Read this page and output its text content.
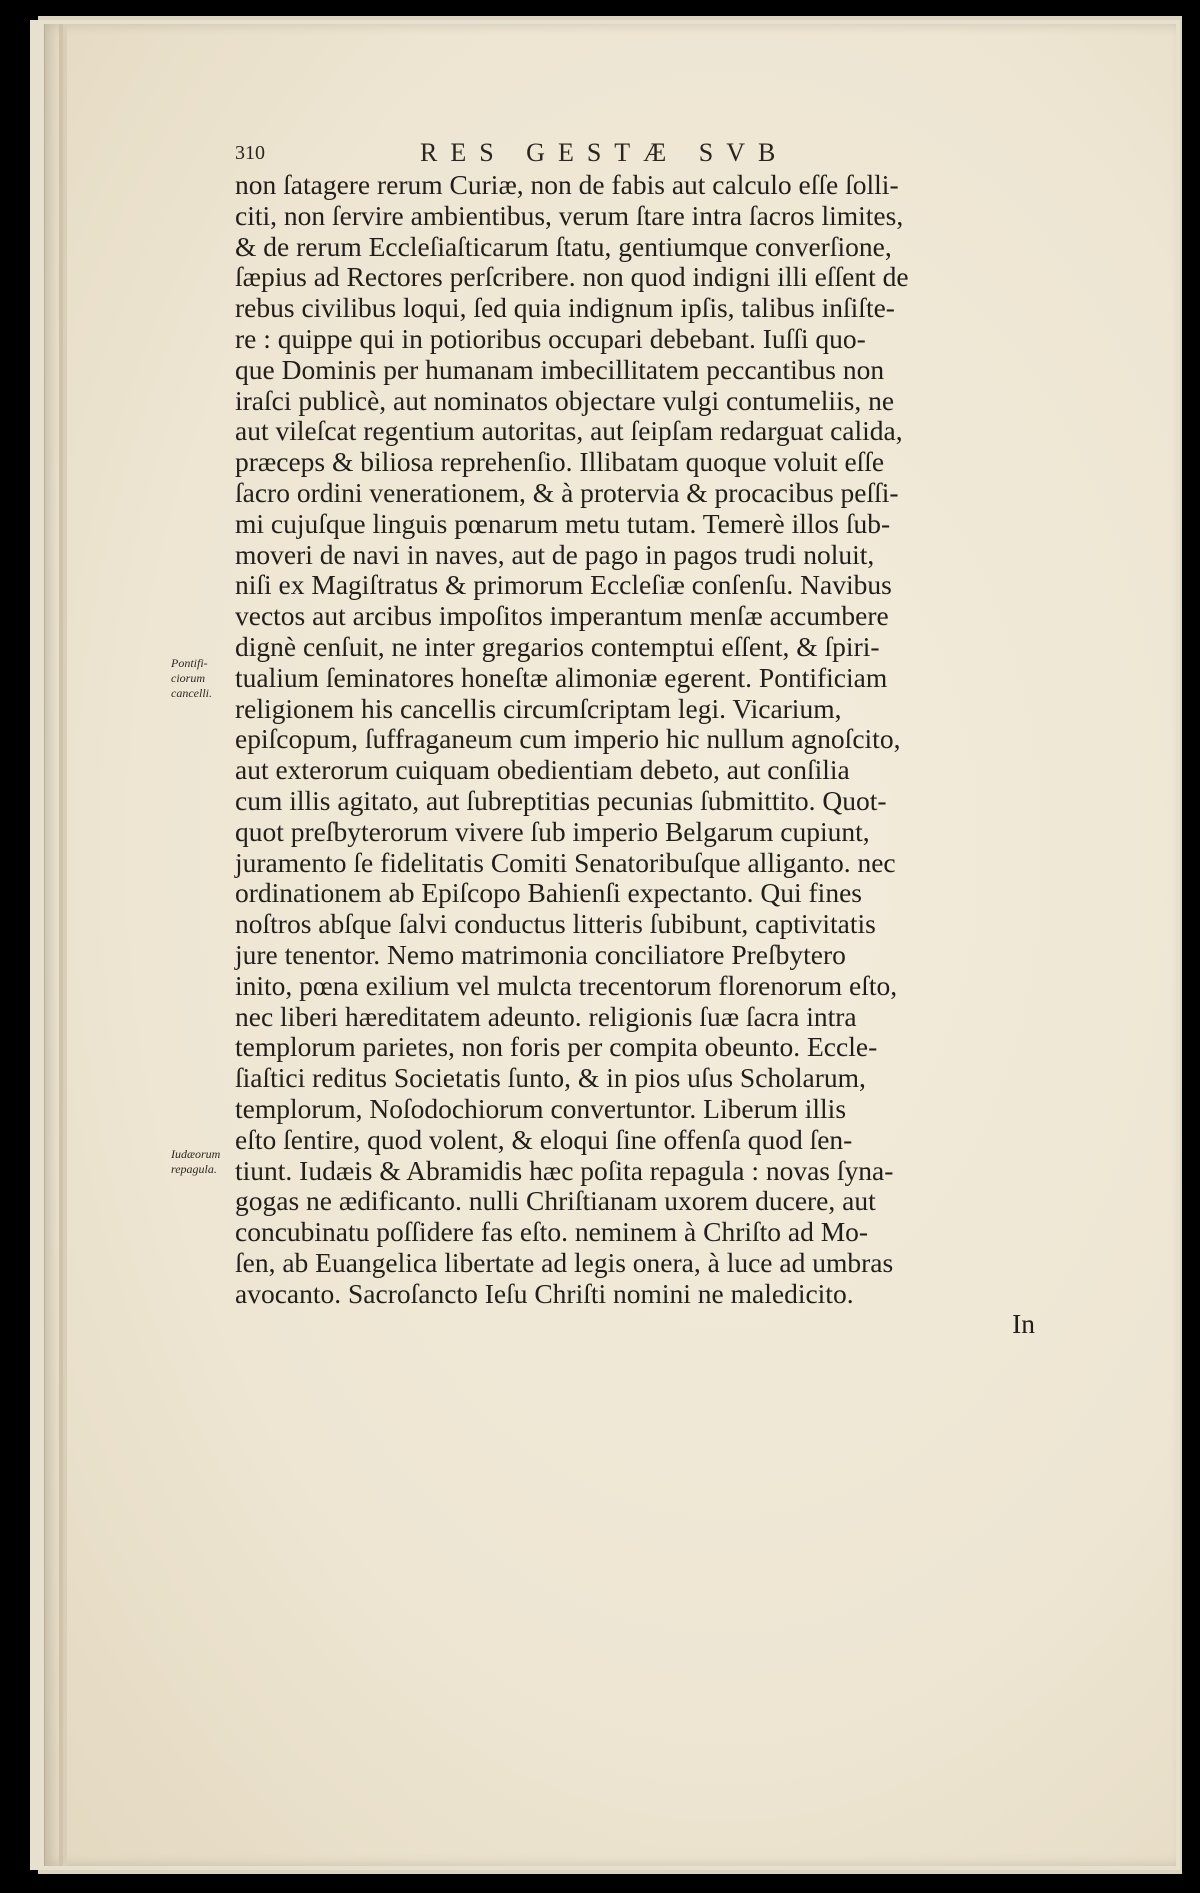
310	RES GESTÆ SVB
Pontifi-ciorum cancelli.
Iudæorum repagula.
non ſatagere rerum Curiæ, non de fabis aut calculo eſſe ſolli-
citi, non ſervire ambientibus, verum ſtare intra ſacros limites,
& de rerum Eccleſiaſticarum ſtatu, gentiumque converſione,
ſæpius ad Rectores perſcribere. non quod indigni illi eſſent de
rebus civilibus loqui, ſed quia indignum ipſis, talibus inſiſte-
re : quippe qui in potioribus occupari debebant. Iuſſi quo-
que Dominis per humanam imbecillitatem peccantibus non
iraſci publicè, aut nominatos objectare vulgi contumeliis, ne
aut vileſcat regentium autoritas, aut ſeipſam redarguat calida,
præceps & biliosa reprehenſio. Illibatam quoque voluit eſſe
ſacro ordini venerationem, & à protervia & procacibus peſſi-
mi cujuſque linguis pœnarum metu tutam. Temerè illos ſub-
moveri de navi in naves, aut de pago in pagos trudi noluit,
niſi ex Magiſtratus & primorum Eccleſiæ conſenſu. Navibus
vectos aut arcibus impoſitos imperantum menſæ accumbere
dignè cenſuit, ne inter gregarios contemptui eſſent, & ſpiri-
tualium ſeminatores honeſtæ alimoniæ egerent. Pontificiam
religionem his cancellis circumſcriptam legi. Vicarium,
epiſcopum, ſuffraganeum cum imperio hic nullum agnoſcito,
aut exterorum cuiquam obedientiam debeto, aut conſilia
cum illis agitato, aut ſubreptitias pecunias ſubmittito. Quot-
quot preſbyterorum vivere ſub imperio Belgarum cupiunt,
juramento ſe fidelitatis Comiti Senatoribuſque alliganto. nec
ordinationem ab Epiſcopo Bahienſi expectanto. Qui fines
noſtros abſque ſalvi conductus litteris ſubibunt, captivitatis
jure tenentor. Nemo matrimonia conciliatore Preſbytero
inito, pœna exilium vel mulcta trecentorum florenorum eſto,
nec liberi hæreditatem adeunto. religionis ſuæ ſacra intra
templorum parietes, non foris per compita obeunto. Eccle-
ſiaſtici reditus Societatis ſunto, & in pios uſus Scholarum,
templorum, Noſodochiorum convertuntor. Liberum illis
eſto ſentire, quod volent, & eloqui ſine offenſa quod ſen-
tiunt. Iudæis & Abramidis hæc poſita repagula : novas ſyna-
gogas ne ædificanto. nulli Chriſtianam uxorem ducere, aut
concubinatu poſſidere fas eſto. neminem à Chriſto ad Mo-
ſen, ab Euangelica libertate ad legis onera, à luce ad umbras
avocanto. Sacroſancto Ieſu Chriſti nomini ne maledicito.
In
